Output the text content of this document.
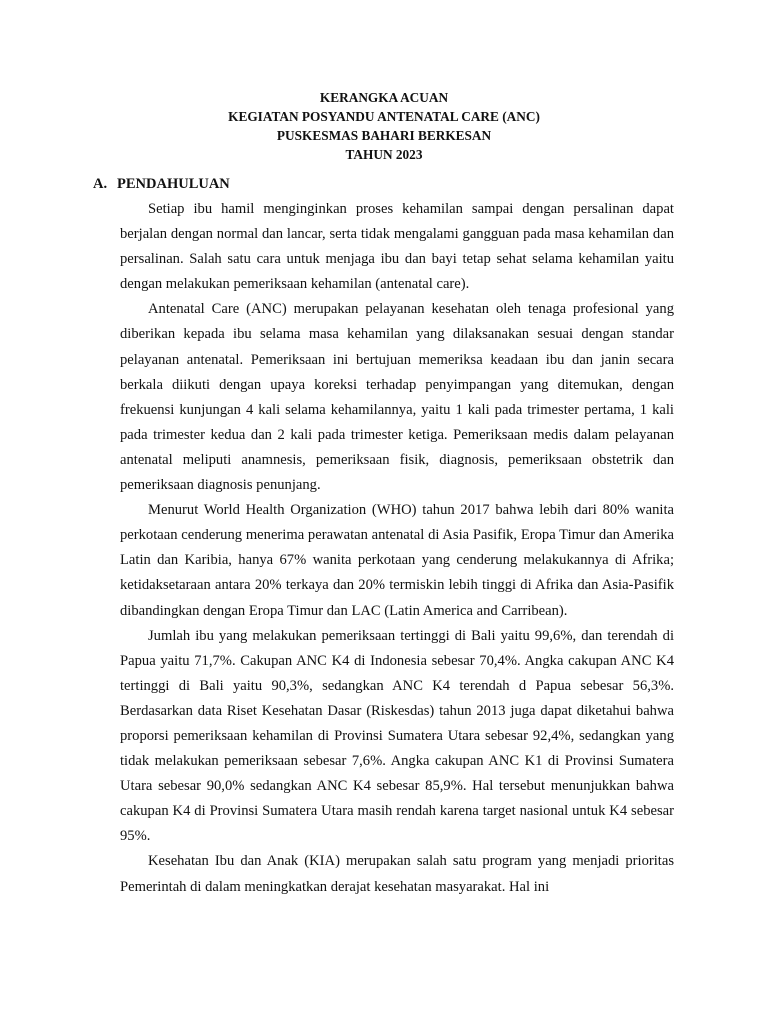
KERANGKA ACUAN
KEGIATAN POSYANDU ANTENATAL CARE (ANC)
PUSKESMAS BAHARI BERKESAN
TAHUN 2023
A. PENDAHULUAN

Setiap ibu hamil menginginkan proses kehamilan sampai dengan persalinan dapat berjalan dengan normal dan lancar, serta tidak mengalami gangguan pada masa kehamilan dan persalinan. Salah satu cara untuk menjaga ibu dan bayi tetap sehat selama kehamilan yaitu dengan melakukan pemeriksaan kehamilan (antenatal care).

Antenatal Care (ANC) merupakan pelayanan kesehatan oleh tenaga profesional yang diberikan kepada ibu selama masa kehamilan yang dilaksanakan sesuai dengan standar pelayanan antenatal. Pemeriksaan ini bertujuan memeriksa keadaan ibu dan janin secara berkala diikuti dengan upaya koreksi terhadap penyimpangan yang ditemukan, dengan frekuensi kunjungan 4 kali selama kehamilannya, yaitu 1 kali pada trimester pertama, 1 kali pada trimester kedua dan 2 kali pada trimester ketiga. Pemeriksaan medis dalam pelayanan antenatal meliputi anamnesis, pemeriksaan fisik, diagnosis, pemeriksaan obstetrik dan pemeriksaan diagnosis penunjang.

Menurut World Health Organization (WHO) tahun 2017 bahwa lebih dari 80% wanita perkotaan cenderung menerima perawatan antenatal di Asia Pasifik, Eropa Timur dan Amerika Latin dan Karibia, hanya 67% wanita perkotaan yang cenderung melakukannya di Afrika; ketidaksetaraan antara 20% terkaya dan 20% termiskin lebih tinggi di Afrika dan Asia-Pasifik dibandingkan dengan Eropa Timur dan LAC (Latin America and Carribean).

Jumlah ibu yang melakukan pemeriksaan tertinggi di Bali yaitu 99,6%, dan terendah di Papua yaitu 71,7%. Cakupan ANC K4 di Indonesia sebesar 70,4%. Angka cakupan ANC K4 tertinggi di Bali yaitu 90,3%, sedangkan ANC K4 terendah d Papua sebesar 56,3%. Berdasarkan data Riset Kesehatan Dasar (Riskesdas) tahun 2013 juga dapat diketahui bahwa proporsi pemeriksaan kehamilan di Provinsi Sumatera Utara sebesar 92,4%, sedangkan yang tidak melakukan pemeriksaan sebesar 7,6%. Angka cakupan ANC K1 di Provinsi Sumatera Utara sebesar 90,0% sedangkan ANC K4 sebesar 85,9%. Hal tersebut menunjukkan bahwa cakupan K4 di Provinsi Sumatera Utara masih rendah karena target nasional untuk K4 sebesar 95%.

Kesehatan Ibu dan Anak (KIA) merupakan salah satu program yang menjadi prioritas Pemerintah di dalam meningkatkan derajat kesehatan masyarakat. Hal ini
